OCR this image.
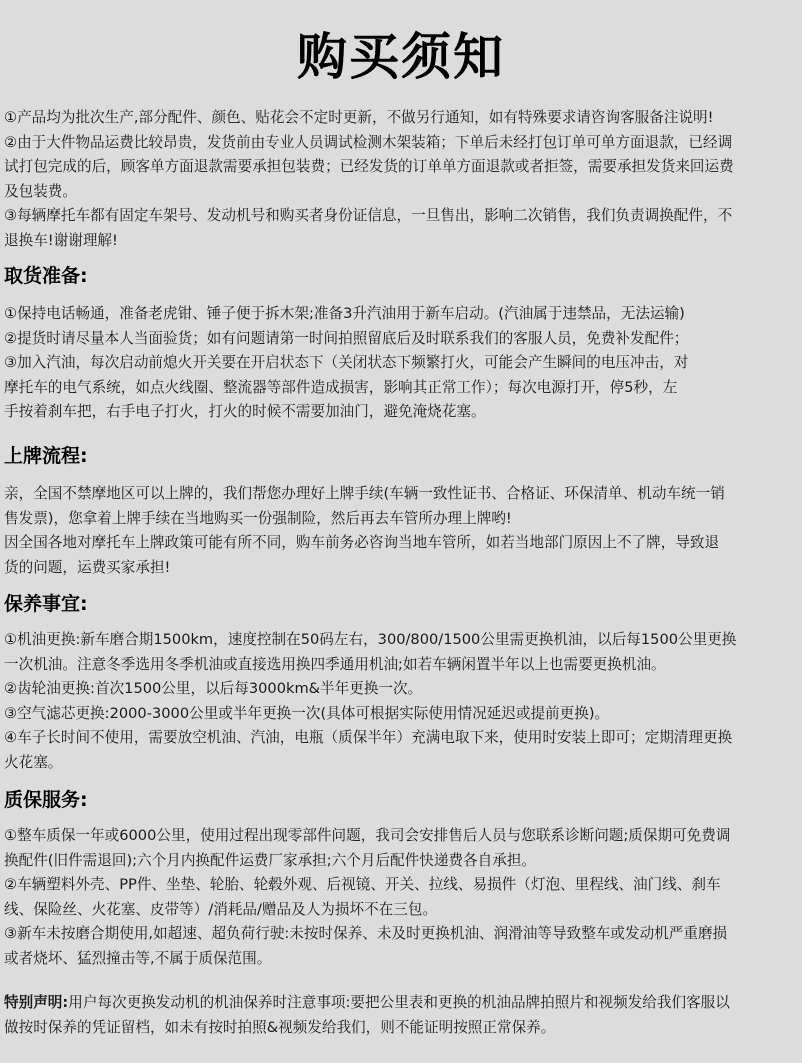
购买须知
①产品均为批次生产,部分配件、颜色、贴花会不定时更新，不做另行通知，如有特殊要求请咨询客服备注说明!
②由于大件物品运费比较昂贵，发货前由专业人员调试检测木架装箱；下单后未经打包订单可单方面退款，已经调
试打包完成的后，顾客单方面退款需要承担包装费；已经发货的订单单方面退款或者拒签，需要承担发货来回运费
及包装费。
③每辆摩托车都有固定车架号、发动机号和购买者身份证信息，一旦售出，影响二次销售，我们负责调换配件，不
退换车!谢谢理解!
取货准备:
①保持电话畅通，准备老虎钳、锤子便于拆木架;准备3升汽油用于新车启动。(汽油属于违禁品，无法运输)
②提货时请尽量本人当面验货；如有问题请第一时间拍照留底后及时联系我们的客服人员，免费补发配件；
③加入汽油，每次启动前熄火开关要在开启状态下（关闭状态下频繁打火，可能会产生瞬间的电压冲击，对
摩托车的电气系统，如点火线圈、整流器等部件造成损害，影响其正常工作）；每次电源打开，停5秒，左
手按着刹车把，右手电子打火，打火的时候不需要加油门，避免淹烧花塞。
上牌流程:
亲，全国不禁摩地区可以上牌的，我们帮您办理好上牌手续(车辆一致性证书、合格证、环保清单、机动车统一销
售发票)，您拿着上牌手续在当地购买一份强制险，然后再去车管所办理上牌哟!
因全国各地对摩托车上牌政策可能有所不同，购车前务必咨询当地车管所，如若当地部门原因上不了牌，导致退
货的问题，运费买家承担!
保养事宜:
①机油更换:新车磨合期1500km，速度控制在50码左右，300/800/1500公里需更换机油，以后每1500公里更换
一次机油。注意冬季选用冬季机油或直接选用换四季通用机油;如若车辆闲置半年以上也需要更换机油。
②齿轮油更换:首次1500公里，以后每3000km&半年更换一次。
③空气滤芯更换:2000-3000公里或半年更换一次(具体可根据实际使用情况延迟或提前更换)。
④车子长时间不使用，需要放空机油、汽油，电瓶（质保半年）充满电取下来，使用时安装上即可；定期清理更换
火花塞。
质保服务:
①整车质保一年或6000公里，使用过程出现零部件问题，我司会安排售后人员与您联系诊断问题;质保期可免费调
换配件(旧件需退回);六个月内换配件运费厂家承担;六个月后配件快递费各自承担。
②车辆塑料外壳、PP件、坐垫、轮胎、轮毂外观、后视镜、开关、拉线、易损件（灯泡、里程线、油门线、刹车
线、保险丝、火花塞、皮带等）/消耗品/赠品及人为损坏不在三包。
③新车未按磨合期使用,如超速、超负荷行驶:未按时保养、未及时更换机油、润滑油等导致整车或发动机严重磨损
或者烧坏、猛烈撞击等,不属于质保范围。
特别声明:用户每次更换发动机的机油保养时注意事项:要把公里表和更换的机油品牌拍照片和视频发给我们客服以
做按时保养的凭证留档，如未有按时拍照&视频发给我们，则不能证明按照正常保养。
